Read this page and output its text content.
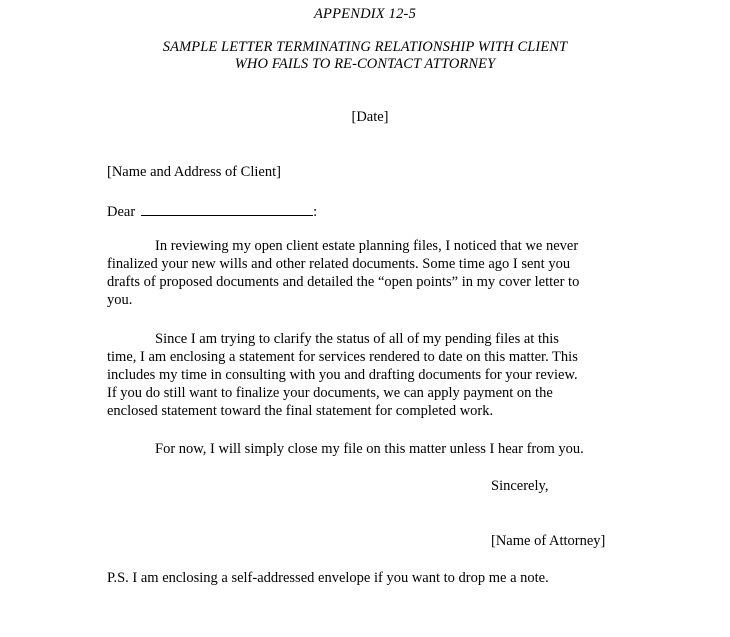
APPENDIX 12-5
SAMPLE LETTER TERMINATING RELATIONSHIP WITH CLIENT
WHO FAILS TO RE-CONTACT ATTORNEY
[Date]
[Name and Address of Client]
Dear	:
In reviewing my open client estate planning files, I noticed that we never
finalized your new wills and other related documents. Some time ago I sent you
drafts of proposed documents and detailed the “open points” in my cover letter to
you.
Since I am trying to clarify the status of all of my pending files at this
time, I am enclosing a statement for services rendered to date on this matter. This
includes my time in consulting with you and drafting documents for your review.
If you do still want to finalize your documents, we can apply payment on the
enclosed statement toward the final statement for completed work.
For now, I will simply close my file on this matter unless I hear from you.
Sincerely,
[Name of Attorney]
P.S. I am enclosing a self-addressed envelope if you want to drop me a note.
